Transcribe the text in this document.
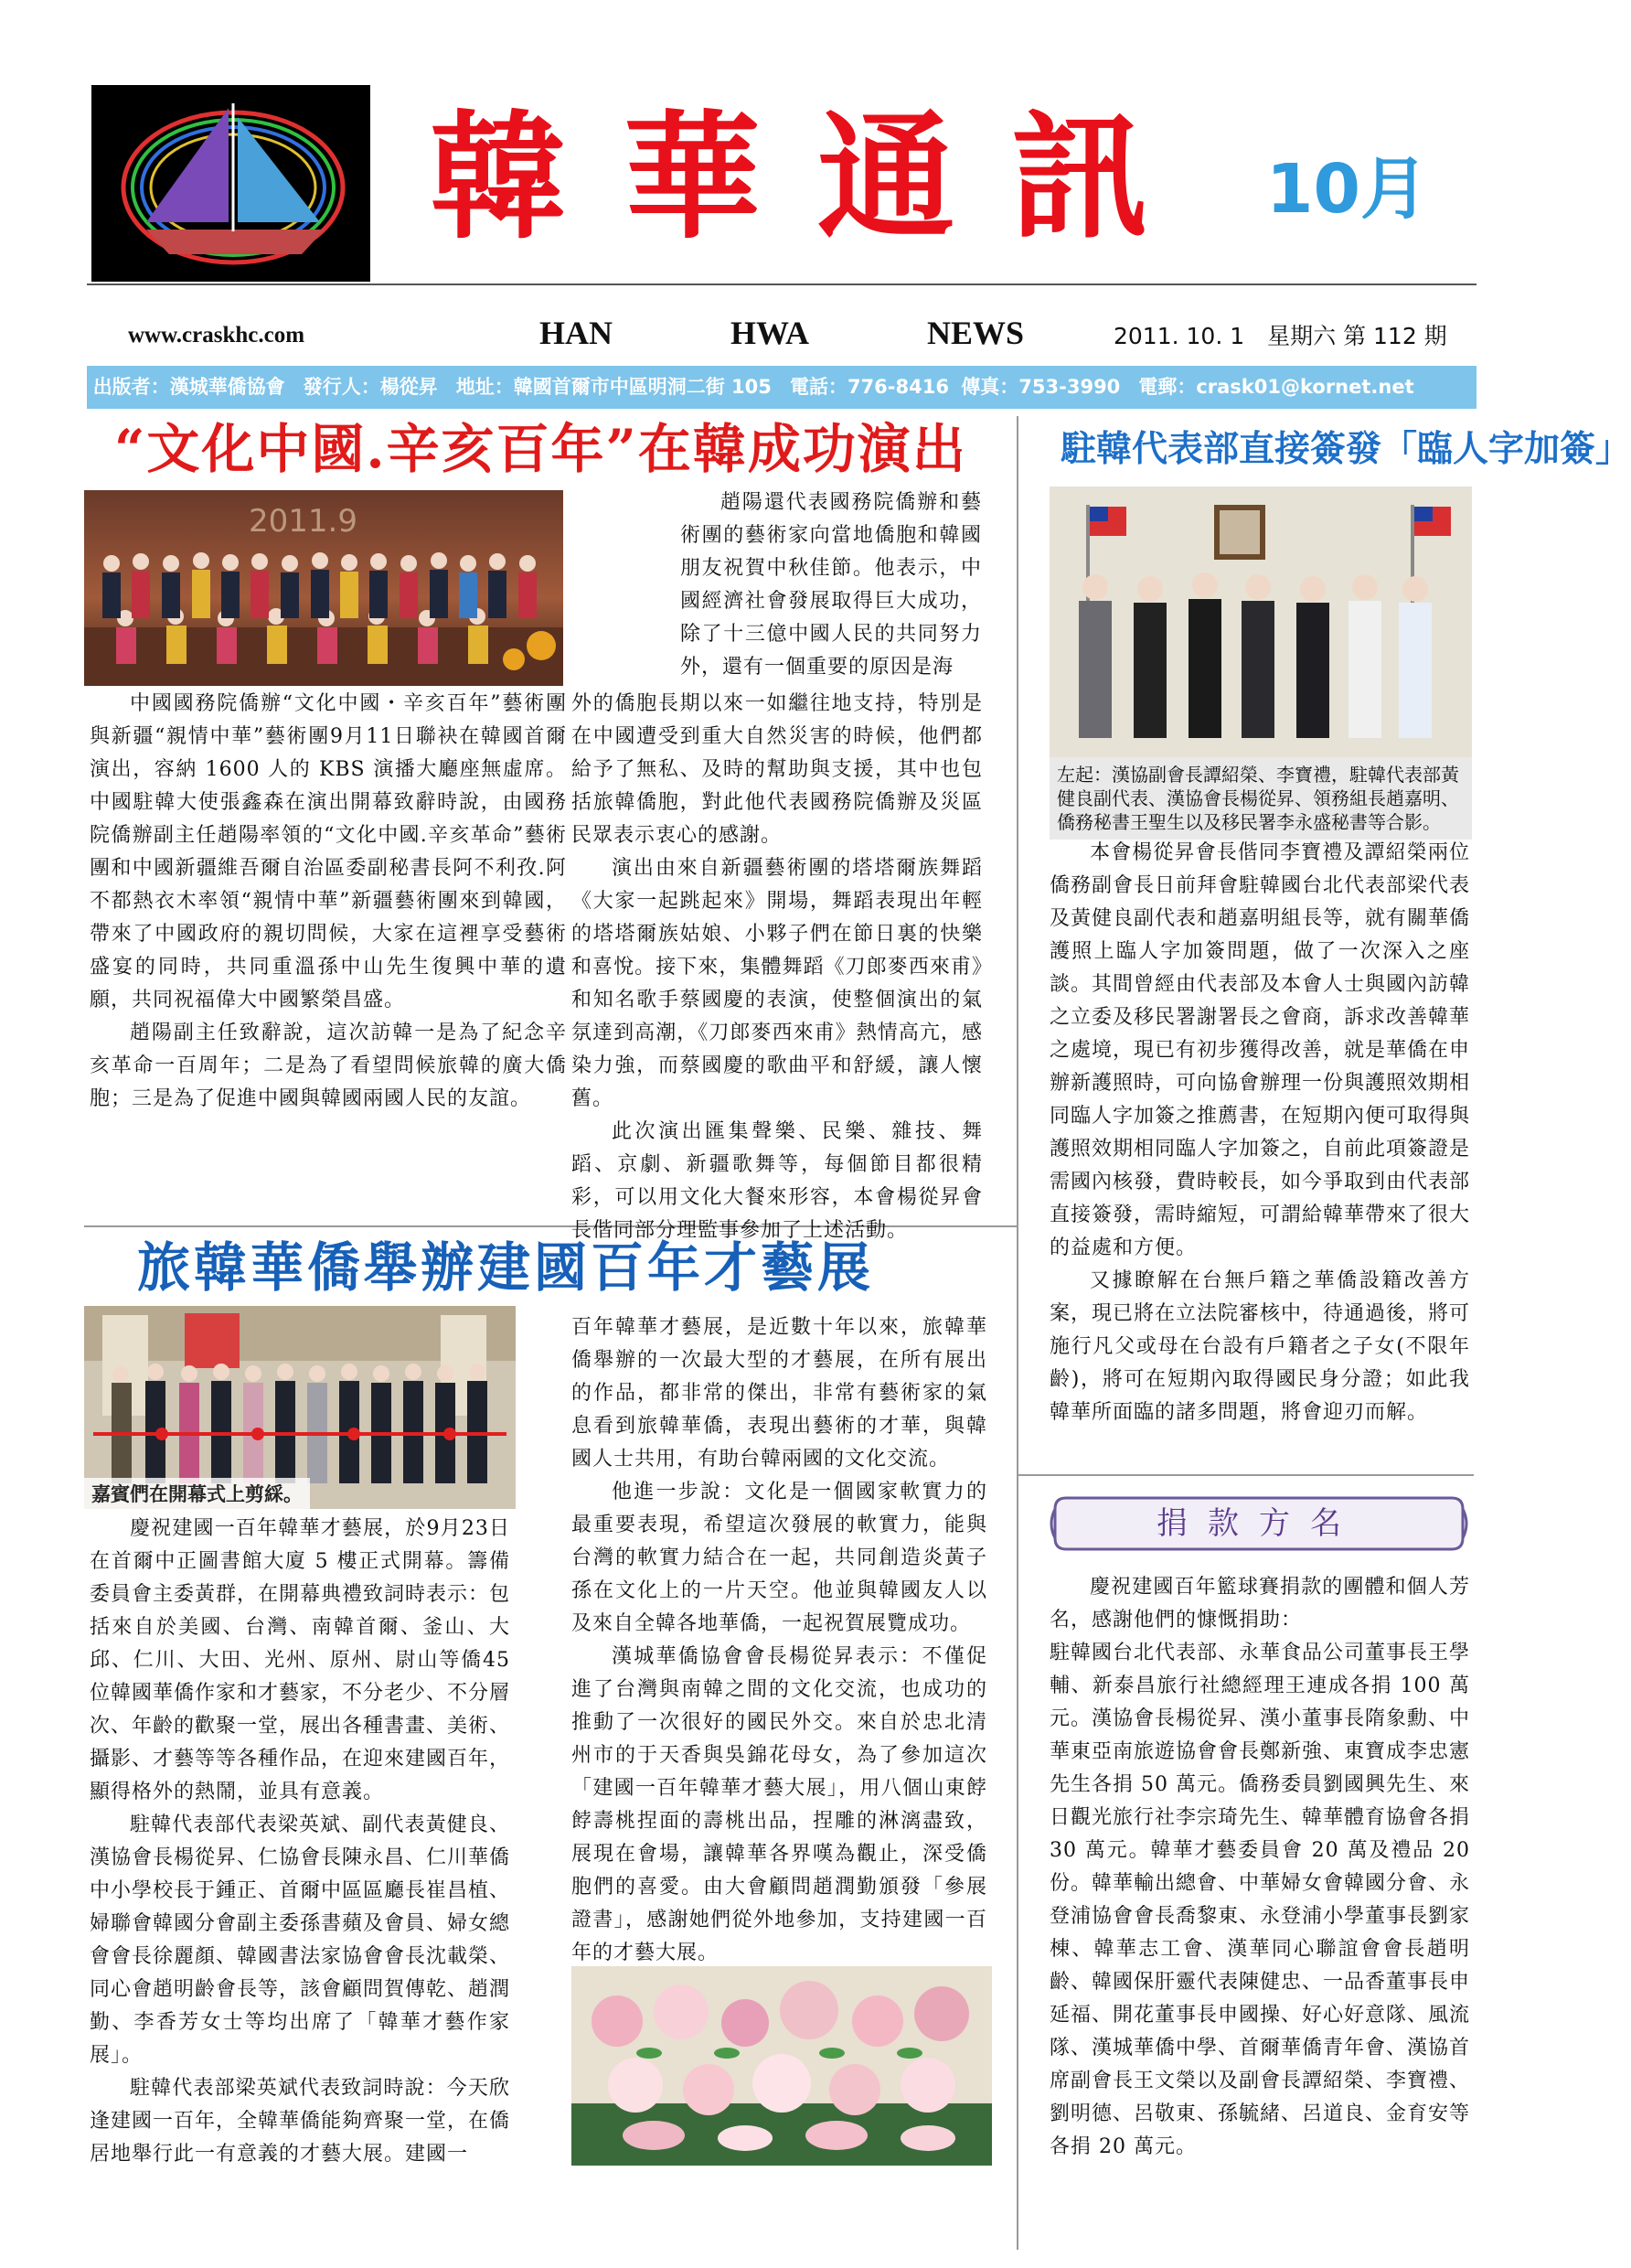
韓華通訊 10月
www.craskhc.com	HAN	HWA	NEWS	2011. 10. 1　星期六 第 112 期
出版者：漢城華僑協會 發行人：楊從昇 地址：韓國首爾市中區明洞二街 105 電話：776-8416 傳真：753-3990 電郵：crask01@kornet.net
“文化中國.辛亥百年”在韓成功演出
2011.9

趙陽還代表國務院僑辦和藝術團的藝術家向當地僑胞和韓國朋友祝賀中秋佳節。他表示，中國經濟社會發展取得巨大成功，除了十三億中國人民的共同努力外，還有一個重要的原因是海

中國國務院僑辦“文化中國・辛亥百年”藝術團與新疆“親情中華”藝術團9月11日聯袂在韓國首爾演出，容納 1600 人的 KBS 演播大廳座無虛席。中國駐韓大使張鑫森在演出開幕致辭時說，由國務院僑辦副主任趙陽率領的“文化中國.辛亥革命”藝術團和中國新疆維吾爾自治區委副秘書長阿不利孜.阿不都熱衣木率領“親情中華”新疆藝術團來到韓國，帶來了中國政府的親切問候，大家在這裡享受藝術盛宴的同時，共同重溫孫中山先生復興中華的遺願，共同祝福偉大中國繁榮昌盛。

趙陽副主任致辭說，這次訪韓一是為了紀念辛亥革命一百周年；二是為了看望問候旅韓的廣大僑胞；三是為了促進中國與韓國兩國人民的友誼。

外的僑胞長期以來一如繼往地支持，特別是在中國遭受到重大自然災害的時候，他們都給予了無私、及時的幫助與支援，其中也包括旅韓僑胞，對此他代表國務院僑辦及災區民眾表示衷心的感謝。

演出由來自新疆藝術團的塔塔爾族舞蹈《大家一起跳起來》開場，舞蹈表現出年輕的塔塔爾族姑娘、小夥子們在節日裏的快樂和喜悅。接下來，集體舞蹈《刀郎麥西來甫》和知名歌手蔡國慶的表演，使整個演出的氣氛達到高潮，《刀郎麥西來甫》熱情高亢，感染力強，而蔡國慶的歌曲平和舒緩，讓人懷舊。

此次演出匯集聲樂、民樂、雜技、舞蹈、京劇、新疆歌舞等，每個節目都很精彩，可以用文化大餐來形容，本會楊從昇會長偕同部分理監事參加了上述活動。

旅韓華僑舉辦建國百年才藝展
嘉賓們在開幕式上剪綵。

慶祝建國一百年韓華才藝展，於9月23日在首爾中正圖書館大廈 5 樓正式開幕。籌備委員會主委黃群，在開幕典禮致詞時表示：包括來自於美國、台灣、南韓首爾、釜山、大邱、仁川、大田、光州、原州、尉山等僑45 位韓國華僑作家和才藝家，不分老少、不分層次、年齡的歡聚一堂，展出各種書畫、美術、攝影、才藝等等各種作品，在迎來建國百年，顯得格外的熱鬧，並具有意義。

駐韓代表部代表梁英斌、副代表黃健良、漢協會長楊從昇、仁協會長陳永昌、仁川華僑中小學校長于鍾正、首爾中區區廳長崔昌植、婦聯會韓國分會副主委孫書蘋及會員、婦女總會會長徐麗顏、韓國書法家協會會長沈載榮、同心會趙明齡會長等，該會顧問賀傳乾、趙潤勤、李香芳女士等均出席了「韓華才藝作家展」。

駐韓代表部梁英斌代表致詞時說：今天欣逢建國一百年，全韓華僑能夠齊聚一堂，在僑居地舉行此一有意義的才藝大展。建國一

百年韓華才藝展，是近數十年以來，旅韓華僑舉辦的一次最大型的才藝展，在所有展出的作品，都非常的傑出，非常有藝術家的氣息看到旅韓華僑，表現出藝術的才華，與韓國人士共用，有助台韓兩國的文化交流。

他進一步說：文化是一個國家軟實力的最重要表現，希望這次發展的軟實力，能與台灣的軟實力結合在一起，共同創造炎黃子孫在文化上的一片天空。他並與韓國友人以及來自全韓各地華僑，一起祝賀展覽成功。

漢城華僑協會會長楊從昇表示：不僅促進了台灣與南韓之間的文化交流，也成功的推動了一次很好的國民外交。來自於忠北清州市的于天香與吳錦花母女，為了參加這次「建國一百年韓華才藝大展」，用八個山東餑餑壽桃捏面的壽桃出品，捏雕的淋漓盡致，展現在會場，讓韓華各界嘆為觀止，深受僑胞們的喜愛。由大會顧問趙潤勤頒發「參展證書」，感謝她們從外地參加，支持建國一百年的才藝大展。

駐韓代表部直接簽發「臨人字加簽」
左起：漢協副會長譚紹榮、李寶禮，駐韓代表部黃健良副代表、漢協會長楊從昇、領務組長趙嘉明、僑務秘書王聖生以及移民署李永盛秘書等合影。

本會楊從昇會長偕同李寶禮及譚紹榮兩位僑務副會長日前拜會駐韓國台北代表部梁代表及黃健良副代表和趙嘉明組長等，就有關華僑護照上臨人字加簽問題，做了一次深入之座談。其間曾經由代表部及本會人士與國內訪韓之立委及移民署謝署長之會商，訴求改善韓華之處境，現已有初步獲得改善，就是華僑在申辦新護照時，可向協會辦理一份與護照效期相同臨人字加簽之推薦書，在短期內便可取得與護照效期相同臨人字加簽之，自前此項簽證是需國內核發，費時較長，如今爭取到由代表部直接簽發，需時縮短，可謂給韓華帶來了很大的益處和方便。

又據瞭解在台無戶籍之華僑設籍改善方案，現已將在立法院審核中，待通過後，將可施行凡父或母在台設有戶籍者之子女(不限年齡)，將可在短期內取得國民身分證；如此我韓華所面臨的諸多問題，將會迎刃而解。

捐款方名

慶祝建國百年籃球賽捐款的團體和個人芳名，感謝他們的慷慨捐助：

駐韓國台北代表部、永華食品公司董事長王學輔、新泰昌旅行社總經理王連成各捐 100 萬元。漢協會長楊從昇、漢小董事長隋象勳、中華東亞南旅遊協會會長鄭新強、東寶成李忠憲先生各捐 50 萬元。僑務委員劉國興先生、來日觀光旅行社李宗琦先生、韓華體育協會各捐 30 萬元。韓華才藝委員會 20 萬及禮品 20 份。韓華輸出總會、中華婦女會韓國分會、永登浦協會會長喬黎東、永登浦小學董事長劉家棟、韓華志工會、漢華同心聯誼會會長趙明齡、韓國保肝靈代表陳健忠、一品香董事長申延福、開花董事長申國操、好心好意隊、風流隊、漢城華僑中學、首爾華僑青年會、漢協首席副會長王文榮以及副會長譚紹榮、李寶禮、劉明德、呂敬東、孫毓緒、呂道良、金育安等各捐 20 萬元。
